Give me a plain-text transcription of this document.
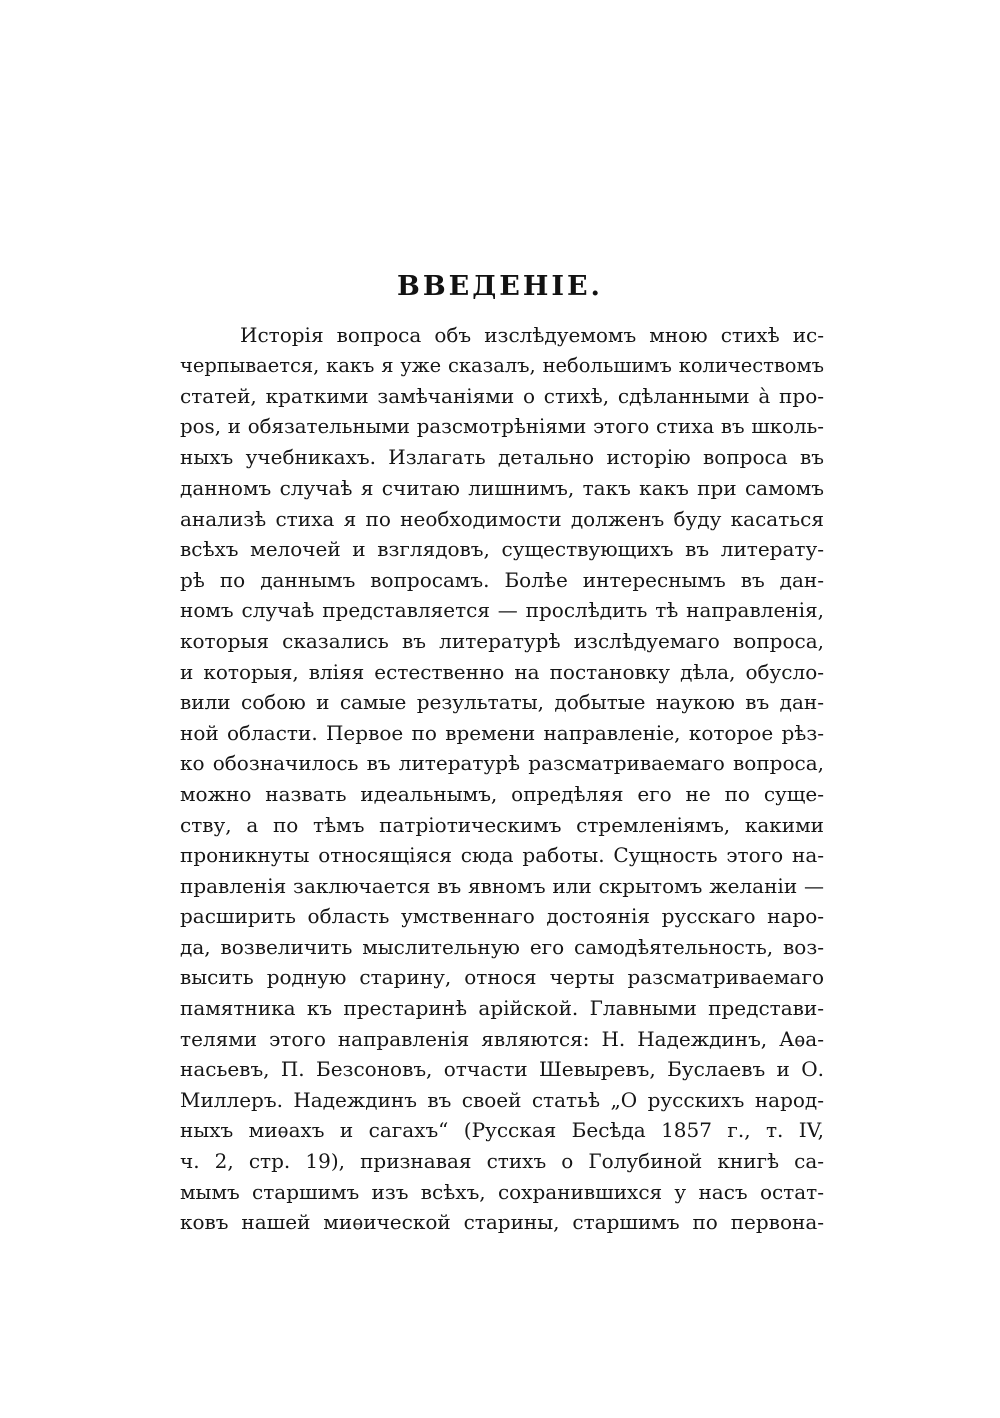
ВВЕДЕНІЕ.
Исторія вопроса объ изслѣдуемомъ мною стихѣ ис-
черпывается, какъ я уже сказалъ, небольшимъ количествомъ
статей, краткими замѣчаніями о стихѣ, сдѣланными à про-
роs, и обязательными разсмотрѣніями этого стиха въ школь-
ныхъ учебникахъ. Излагать детально исторію вопроса въ
данномъ случаѣ я считаю лишнимъ, такъ какъ при самомъ
анализѣ стиха я по необходимости долженъ буду касаться
всѣхъ мелочей и взглядовъ, существующихъ въ литерату-
рѣ по даннымъ вопросамъ. Болѣе интереснымъ въ дан-
номъ случаѣ представляется — прослѣдить тѣ направленія,
которыя сказались въ литературѣ изслѣдуемаго вопроса,
и которыя, вліяя естественно на постановку дѣла, обусло-
вили собою и самые результаты, добытые наукою въ дан-
ной области. Первое по времени направленіе, которое рѣз-
ко обозначилось въ литературѣ разсматриваемаго вопроса,
можно назвать идеальнымъ, опредѣляя его не по суще-
ству, а по тѣмъ патріотическимъ стремленіямъ, какими
проникнуты относящіяся сюда работы. Сущность этого на-
правленія заключается въ явномъ или скрытомъ желаніи —
расширить область умственнаго достоянія русскаго наро-
да, возвеличить мыслительную его самодѣятельность, воз-
высить родную старину, относя черты разсматриваемаго
памятника къ престаринѣ арійской. Главными представи-
телями этого направленія являются: Н. Надеждинъ, Аѳа-
насьевъ, П. Безсоновъ, отчасти Шевыревъ, Буслаевъ и О.
Миллеръ. Надеждинъ въ своей статьѣ „О русскихъ народ-
ныхъ миѳахъ и сагахъ“ (Русская Бесѣда 1857 г., т. IV,
ч. 2, стр. 19), признавая стихъ о Голубиной книгѣ са-
мымъ старшимъ изъ всѣхъ, сохранившихся у насъ остат-
ковъ нашей миѳической старины, старшимъ по первона-
